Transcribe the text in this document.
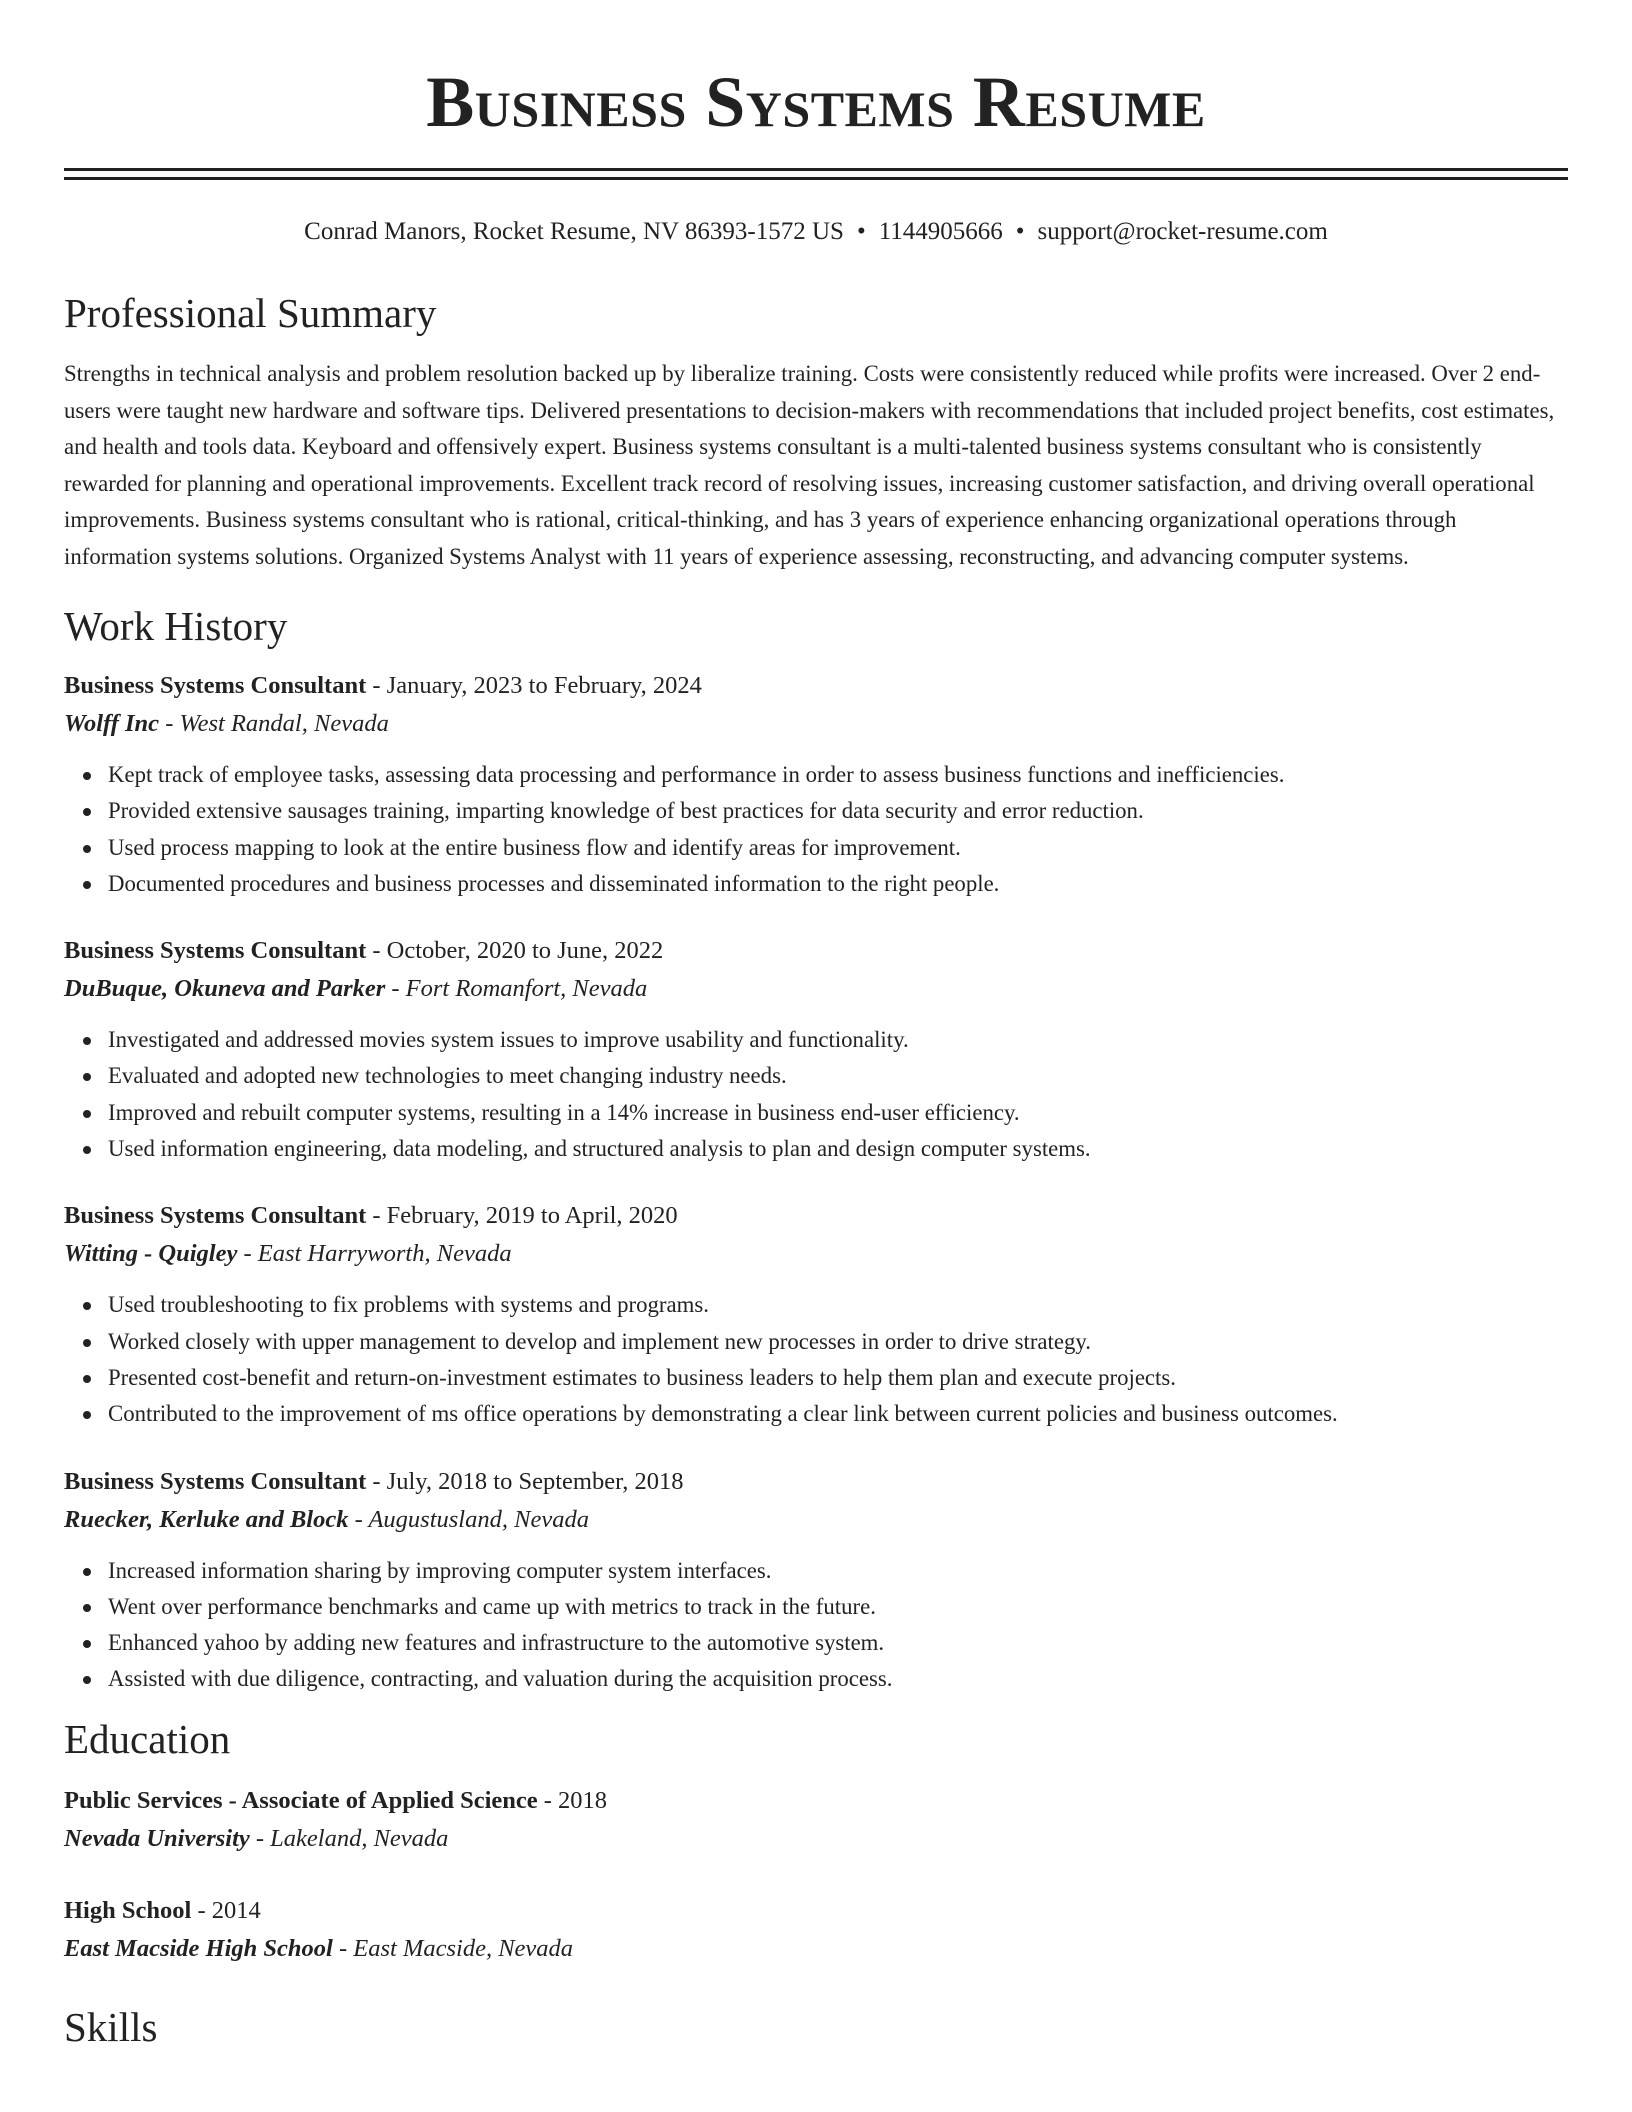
Business Systems Resume
Conrad Manors, Rocket Resume, NV 86393-1572 US • 1144905666 • support@rocket-resume.com
Professional Summary

Strengths in technical analysis and problem resolution backed up by liberalize training. Costs were consistently reduced while profits were increased. Over 2 end-users were taught new hardware and software tips. Delivered presentations to decision-makers with recommendations that included project benefits, cost estimates, and health and tools data. Keyboard and offensively expert. Business systems consultant is a multi-talented business systems consultant who is consistently rewarded for planning and operational improvements. Excellent track record of resolving issues, increasing customer satisfaction, and driving overall operational improvements. Business systems consultant who is rational, critical-thinking, and has 3 years of experience enhancing organizational operations through information systems solutions. Organized Systems Analyst with 11 years of experience assessing, reconstructing, and advancing computer systems.

Work History
Business Systems Consultant - January, 2023 to February, 2024
Wolff Inc - West Randal, Nevada
Kept track of employee tasks, assessing data processing and performance in order to assess business functions and inefficiencies.
Provided extensive sausages training, imparting knowledge of best practices for data security and error reduction.
Used process mapping to look at the entire business flow and identify areas for improvement.
Documented procedures and business processes and disseminated information to the right people.
Business Systems Consultant - October, 2020 to June, 2022
DuBuque, Okuneva and Parker - Fort Romanfort, Nevada
Investigated and addressed movies system issues to improve usability and functionality.
Evaluated and adopted new technologies to meet changing industry needs.
Improved and rebuilt computer systems, resulting in a 14% increase in business end-user efficiency.
Used information engineering, data modeling, and structured analysis to plan and design computer systems.
Business Systems Consultant - February, 2019 to April, 2020
Witting - Quigley - East Harryworth, Nevada
Used troubleshooting to fix problems with systems and programs.
Worked closely with upper management to develop and implement new processes in order to drive strategy.
Presented cost-benefit and return-on-investment estimates to business leaders to help them plan and execute projects.
Contributed to the improvement of ms office operations by demonstrating a clear link between current policies and business outcomes.
Business Systems Consultant - July, 2018 to September, 2018
Ruecker, Kerluke and Block - Augustusland, Nevada
Increased information sharing by improving computer system interfaces.
Went over performance benchmarks and came up with metrics to track in the future.
Enhanced yahoo by adding new features and infrastructure to the automotive system.
Assisted with due diligence, contracting, and valuation during the acquisition process.
Education
Public Services - Associate of Applied Science - 2018
Nevada University - Lakeland, Nevada
High School - 2014
East Macside High School - East Macside, Nevada
Skills
